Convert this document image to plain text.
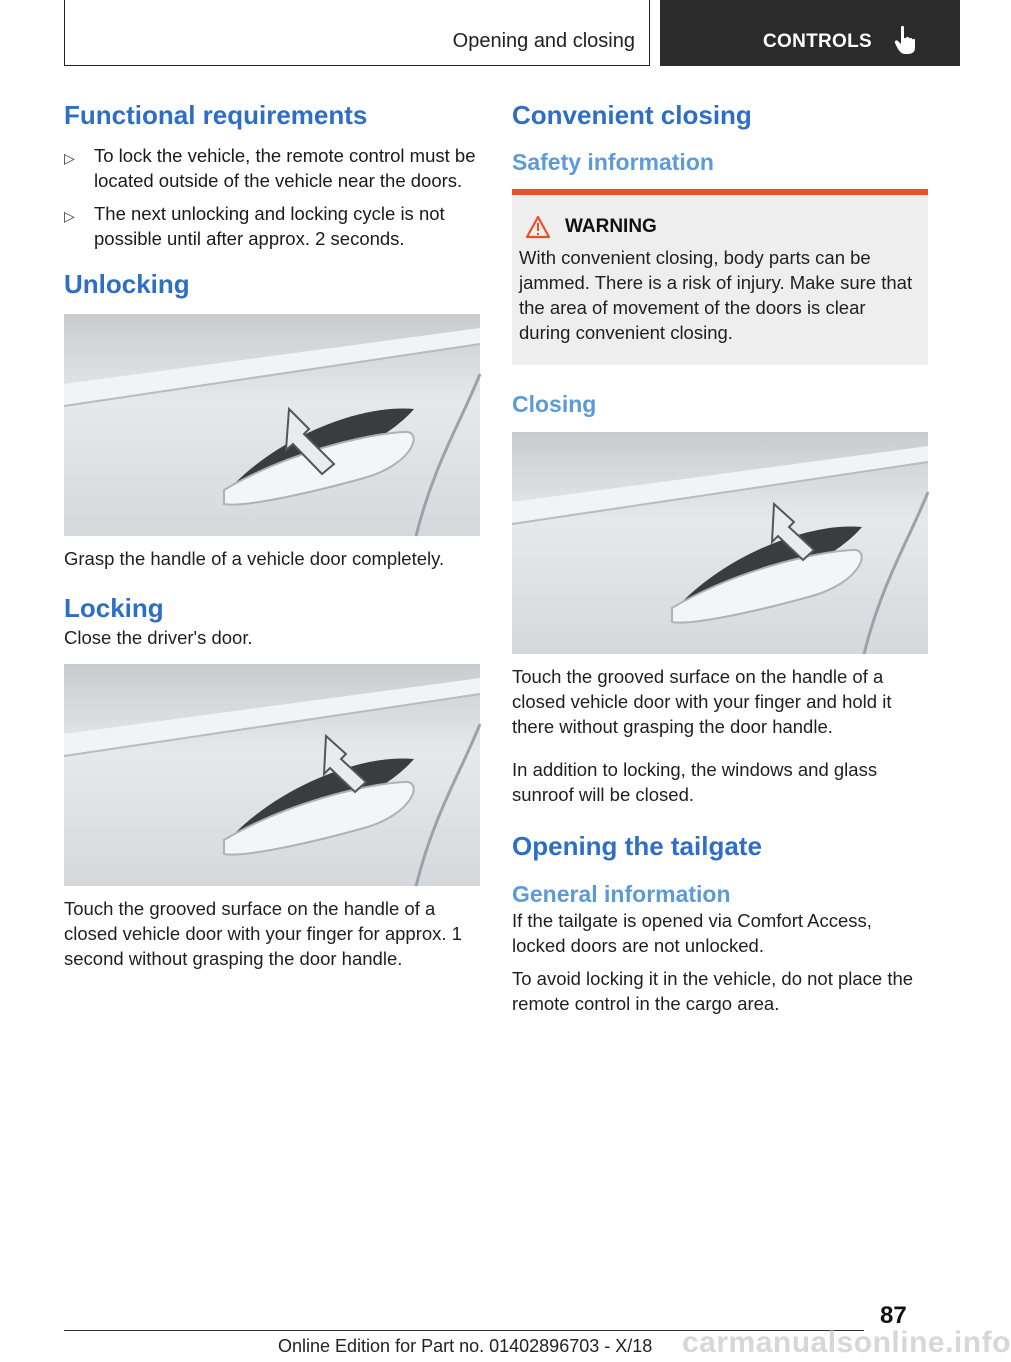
Opening and closing	CONTROLS
Functional requirements
▷ To lock the vehicle, the remote control must be located outside of the vehicle near the doors.
▷ The next unlocking and locking cycle is not possible until after approx. 2 seconds.
Unlocking

Grasp the handle of a vehicle door completely.

Locking

Close the driver's door.

Touch the grooved surface on the handle of a closed vehicle door with your finger for approx. 1 second without grasping the door handle.

Convenient closing
Safety information
WARNING

With convenient closing, body parts can be jammed. There is a risk of injury. Make sure that the area of movement of the doors is clear during convenient closing.

Closing

Touch the grooved surface on the handle of a closed vehicle door with your finger and hold it there without grasping the door handle.

In addition to locking, the windows and glass sunroof will be closed.

Opening the tailgate
General information

If the tailgate is opened via Comfort Access, locked doors are not unlocked.

To avoid locking it in the vehicle, do not place the remote control in the cargo area.

87
carmanualsonline.info
Online Edition for Part no. 01402896703 - X/18
